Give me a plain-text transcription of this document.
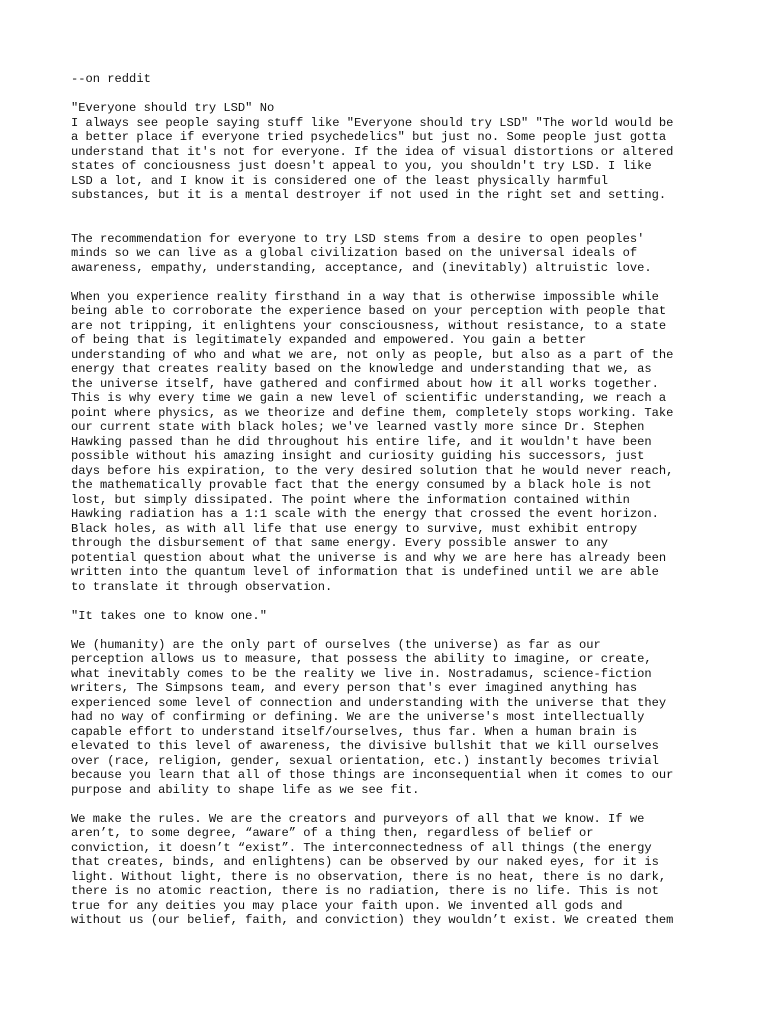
--on reddit
"Everyone should try LSD" No
I always see people saying stuff like "Everyone should try LSD" "The world would be
a better place if everyone tried psychedelics" but just no. Some people just gotta
understand that it's not for everyone. If the idea of visual distortions or altered
states of conciousness just doesn't appeal to you, you shouldn't try LSD. I like
LSD a lot, and I know it is considered one of the least physically harmful
substances, but it is a mental destroyer if not used in the right set and setting.
The recommendation for everyone to try LSD stems from a desire to open peoples'
minds so we can live as a global civilization based on the universal ideals of
awareness, empathy, understanding, acceptance, and (inevitably) altruistic love.
When you experience reality firsthand in a way that is otherwise impossible while
being able to corroborate the experience based on your perception with people that
are not tripping, it enlightens your consciousness, without resistance, to a state
of being that is legitimately expanded and empowered. You gain a better
understanding of who and what we are, not only as people, but also as a part of the
energy that creates reality based on the knowledge and understanding that we, as
the universe itself, have gathered and confirmed about how it all works together.
This is why every time we gain a new level of scientific understanding, we reach a
point where physics, as we theorize and define them, completely stops working. Take
our current state with black holes; we've learned vastly more since Dr. Stephen
Hawking passed than he did throughout his entire life, and it wouldn't have been
possible without his amazing insight and curiosity guiding his successors, just
days before his expiration, to the very desired solution that he would never reach,
the mathematically provable fact that the energy consumed by a black hole is not
lost, but simply dissipated. The point where the information contained within
Hawking radiation has a 1:1 scale with the energy that crossed the event horizon.
Black holes, as with all life that use energy to survive, must exhibit entropy
through the disbursement of that same energy. Every possible answer to any
potential question about what the universe is and why we are here has already been
written into the quantum level of information that is undefined until we are able
to translate it through observation.
"It takes one to know one."
We (humanity) are the only part of ourselves (the universe) as far as our
perception allows us to measure, that possess the ability to imagine, or create,
what inevitably comes to be the reality we live in. Nostradamus, science-fiction
writers, The Simpsons team, and every person that's ever imagined anything has
experienced some level of connection and understanding with the universe that they
had no way of confirming or defining. We are the universe's most intellectually
capable effort to understand itself/ourselves, thus far. When a human brain is
elevated to this level of awareness, the divisive bullshit that we kill ourselves
over (race, religion, gender, sexual orientation, etc.) instantly becomes trivial
because you learn that all of those things are inconsequential when it comes to our
purpose and ability to shape life as we see fit.
We make the rules. We are the creators and purveyors of all that we know. If we
aren’t, to some degree, “aware” of a thing then, regardless of belief or
conviction, it doesn’t “exist”. The interconnectedness of all things (the energy
that creates, binds, and enlightens) can be observed by our naked eyes, for it is
light. Without light, there is no observation, there is no heat, there is no dark,
there is no atomic reaction, there is no radiation, there is no life. This is not
true for any deities you may place your faith upon. We invented all gods and
without us (our belief, faith, and conviction) they wouldn’t exist. We created them
